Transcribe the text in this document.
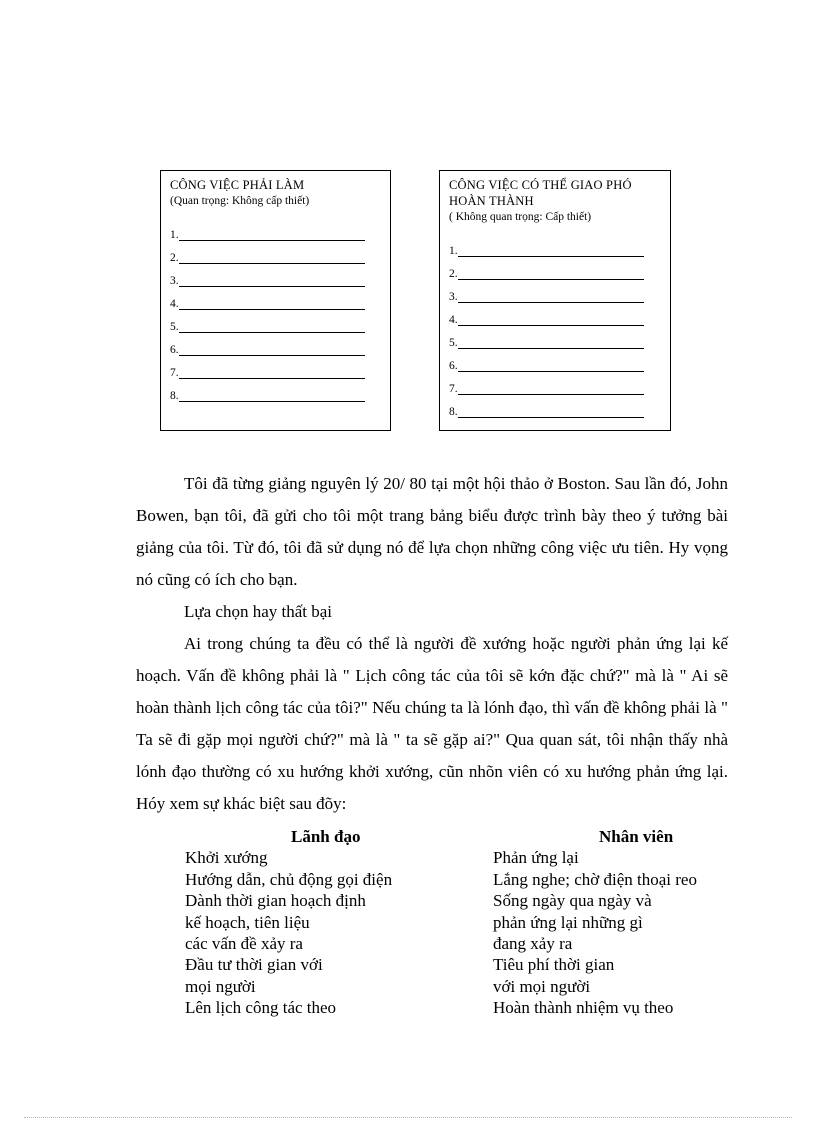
CÔNG VIỆC PHẢI LÀM
(Quan trọng: Không cấp thiết)
1.
2.
3.
4.
5.
6.
7.
8.
CÔNG VIỆC CÓ THỂ GIAO PHÓ
HOÀN THÀNH
( Không quan trọng: Cấp thiết)
1.
2.
3.
4.
5.
6.
7.
8.

Tôi đã từng giảng nguyên lý 20/ 80 tại một hội thảo ở Boston. Sau lần đó, John Bowen, bạn tôi, đã gửi cho tôi một trang bảng biểu được trình bày theo ý tưởng bài giảng của tôi. Từ đó, tôi đã sử dụng nó để lựa chọn những công việc ưu tiên. Hy vọng nó cũng có ích cho bạn.

Lựa chọn hay thất bại

Ai trong chúng ta đều có thể là người đề xướng hoặc người phản ứng lại kế hoạch. Vấn đề không phải là " Lịch công tác của tôi sẽ kớn đặc chứ?" mà là " Ai sẽ hoàn thành lịch công tác của tôi?" Nếu chúng ta là lónh đạo, thì vấn đề không phải là " Ta sẽ đi gặp mọi người chứ?" mà là " ta sẽ gặp ai?" Qua quan sát, tôi nhận thấy nhà lónh đạo thường có xu hướng khởi xướng, cũn nhõn viên có xu hướng phản ứng lại. Hóy xem sự khác biệt sau đõy:

Lãnh đạo
Khởi xướng
Hướng dẫn, chủ động gọi điện
Dành thời gian hoạch định
kế hoạch, tiên liệu
các vấn đề xảy ra
Đầu tư thời gian với
mọi người
Lên lịch công tác theo
Nhân viên
Phản ứng lại
Lắng nghe; chờ điện thoại reo
Sống ngày qua ngày và
phản ứng lại những gì
đang xảy ra
Tiêu phí thời gian
với mọi người
Hoàn thành nhiệm vụ theo
